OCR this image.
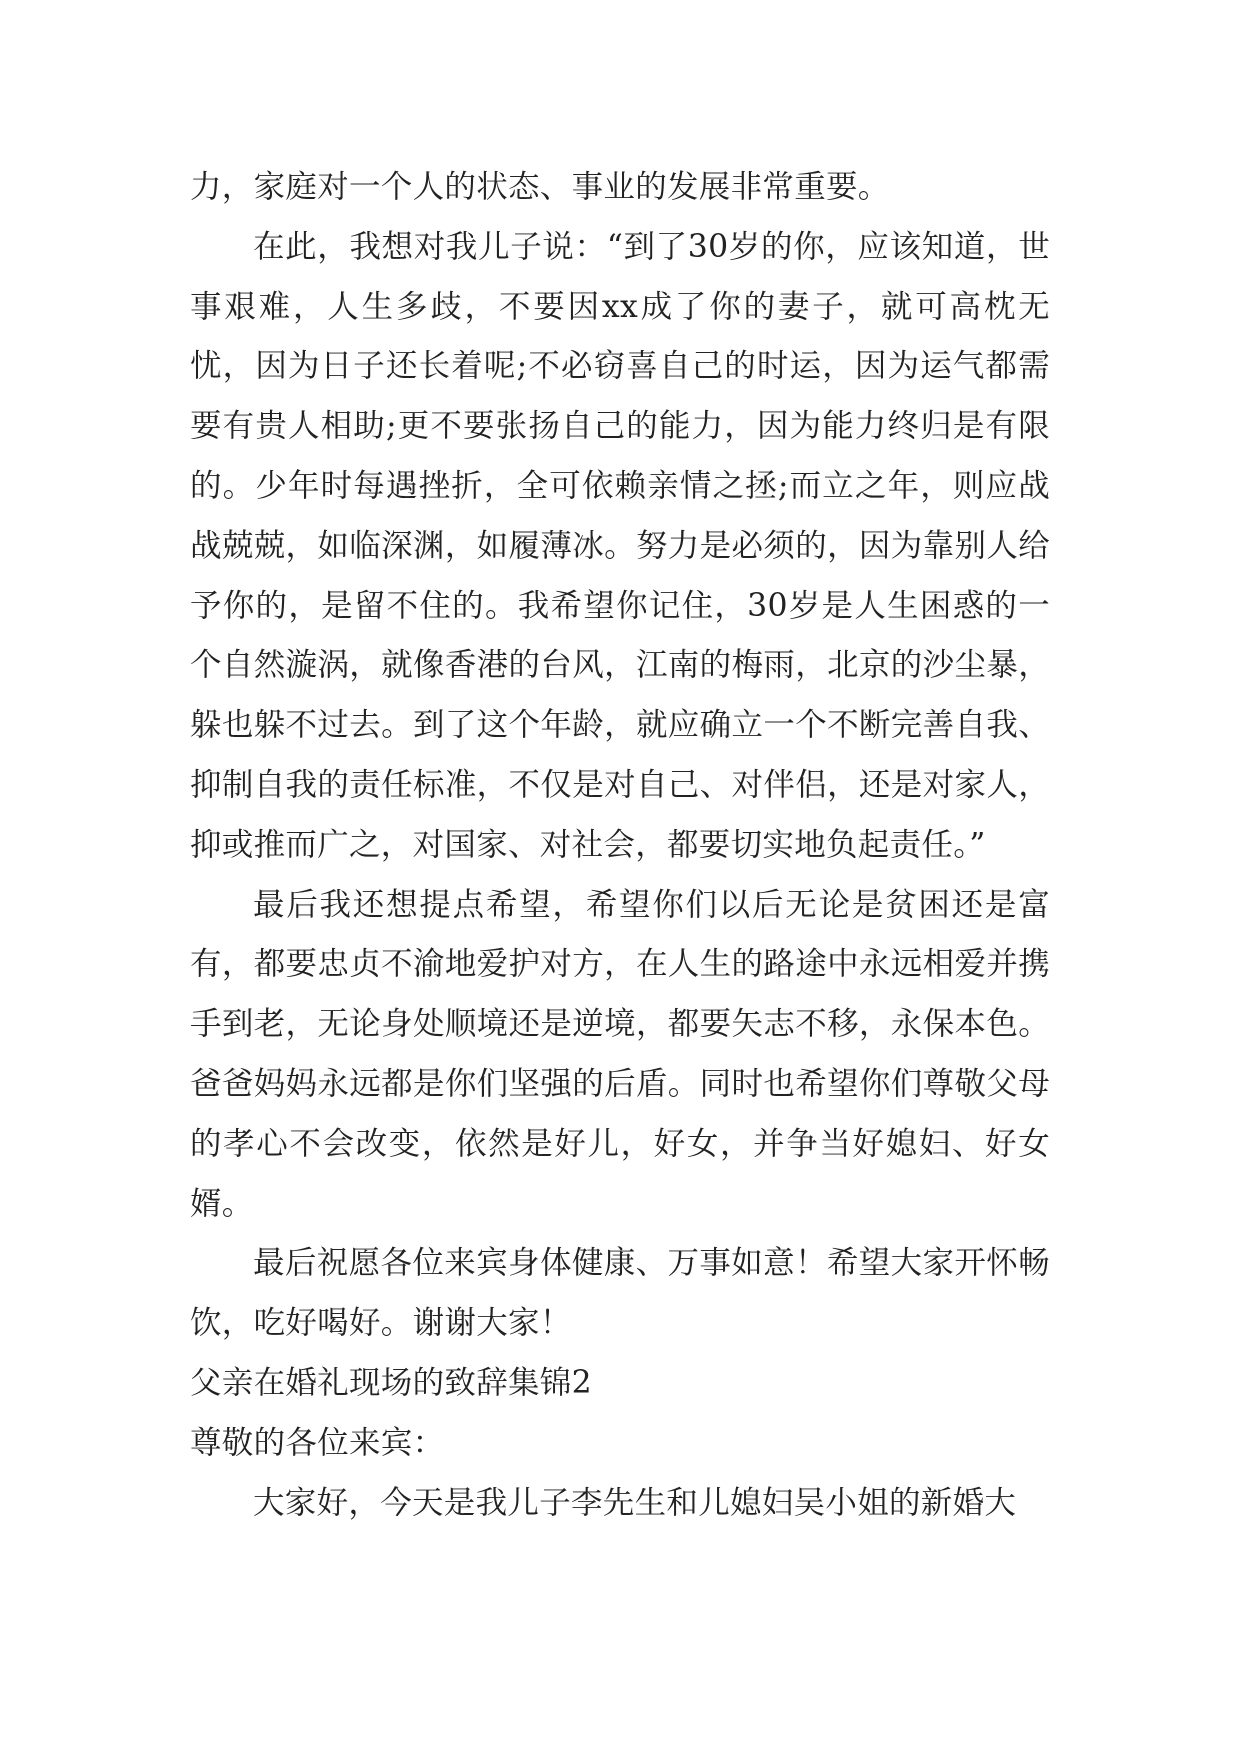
力，家庭对一个人的状态、事业的发展非常重要。

在此，我想对我儿子说：“到了30岁的你，应该知道，世事艰难，人生多歧，不要因xx成了你的妻子，就可高枕无忧，因为日子还长着呢;不必窃喜自己的时运，因为运气都需要有贵人相助;更不要张扬自己的能力，因为能力终归是有限的。少年时每遇挫折，全可依赖亲情之拯;而立之年，则应战战兢兢，如临深渊，如履薄冰。努力是必须的，因为靠别人给予你的，是留不住的。我希望你记住，30岁是人生困惑的一个自然漩涡，就像香港的台风，江南的梅雨，北京的沙尘暴，躲也躲不过去。到了这个年龄，就应确立一个不断完善自我、抑制自我的责任标准，不仅是对自己、对伴侣，还是对家人，抑或推而广之，对国家、对社会，都要切实地负起责任。”

最后我还想提点希望，希望你们以后无论是贫困还是富有，都要忠贞不渝地爱护对方，在人生的路途中永远相爱并携手到老，无论身处顺境还是逆境，都要矢志不移，永保本色。爸爸妈妈永远都是你们坚强的后盾。同时也希望你们尊敬父母的孝心不会改变，依然是好儿，好女，并争当好媳妇、好女婿。

最后祝愿各位来宾身体健康、万事如意！希望大家开怀畅饮，吃好喝好。谢谢大家！

父亲在婚礼现场的致辞集锦2

尊敬的各位来宾：

大家好，今天是我儿子李先生和儿媳妇吴小姐的新婚大
